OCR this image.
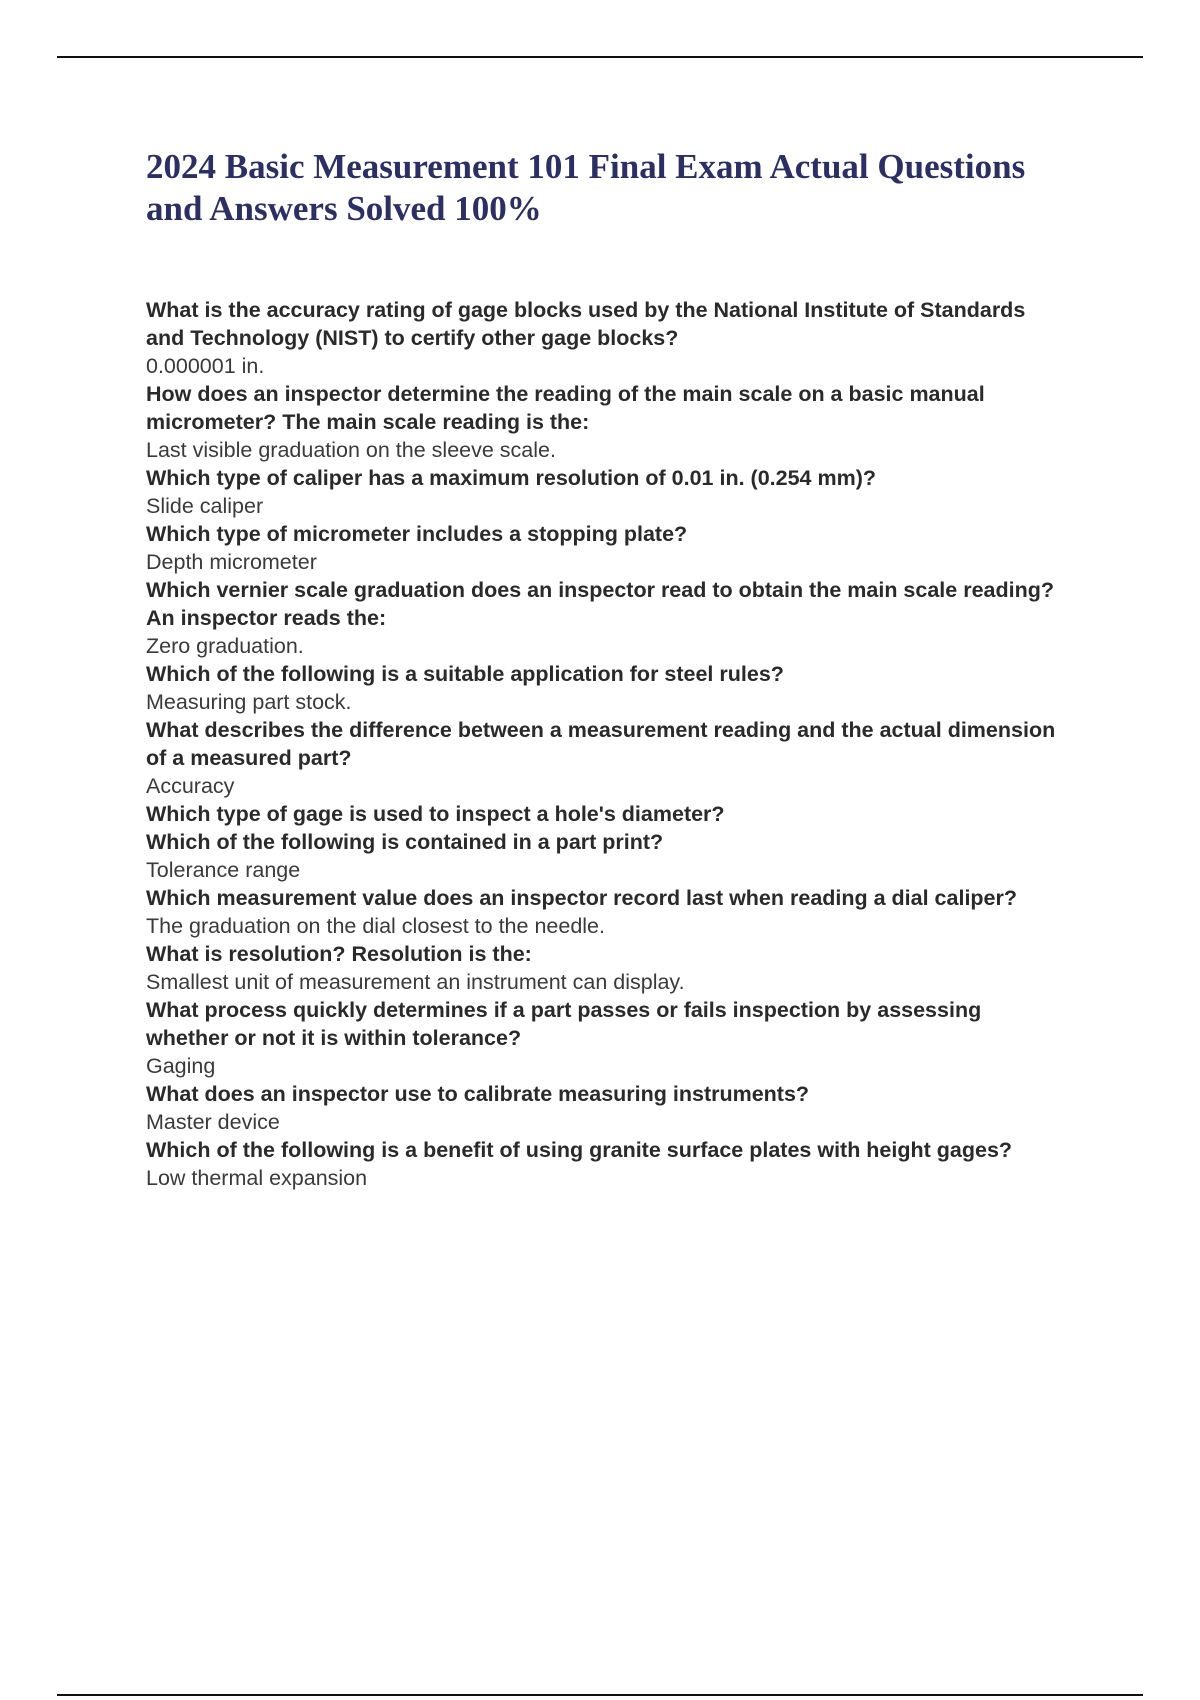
2024 Basic Measurement 101 Final Exam Actual Questions and Answers Solved 100%
What is the accuracy rating of gage blocks used by the National Institute of Standards and Technology (NIST) to certify other gage blocks?
0.000001 in.
How does an inspector determine the reading of the main scale on a basic manual micrometer? The main scale reading is the:
Last visible graduation on the sleeve scale.
Which type of caliper has a maximum resolution of 0.01 in. (0.254 mm)?
Slide caliper
Which type of micrometer includes a stopping plate?
Depth micrometer
Which vernier scale graduation does an inspector read to obtain the main scale reading? An inspector reads the:
Zero graduation.
Which of the following is a suitable application for steel rules?
Measuring part stock.
What describes the difference between a measurement reading and the actual dimension of a measured part?
Accuracy
Which type of gage is used to inspect a hole's diameter?
Which of the following is contained in a part print?
Tolerance range
Which measurement value does an inspector record last when reading a dial caliper?
The graduation on the dial closest to the needle.
What is resolution? Resolution is the:
Smallest unit of measurement an instrument can display.
What process quickly determines if a part passes or fails inspection by assessing whether or not it is within tolerance?
Gaging
What does an inspector use to calibrate measuring instruments?
Master device
Which of the following is a benefit of using granite surface plates with height gages?
Low thermal expansion
